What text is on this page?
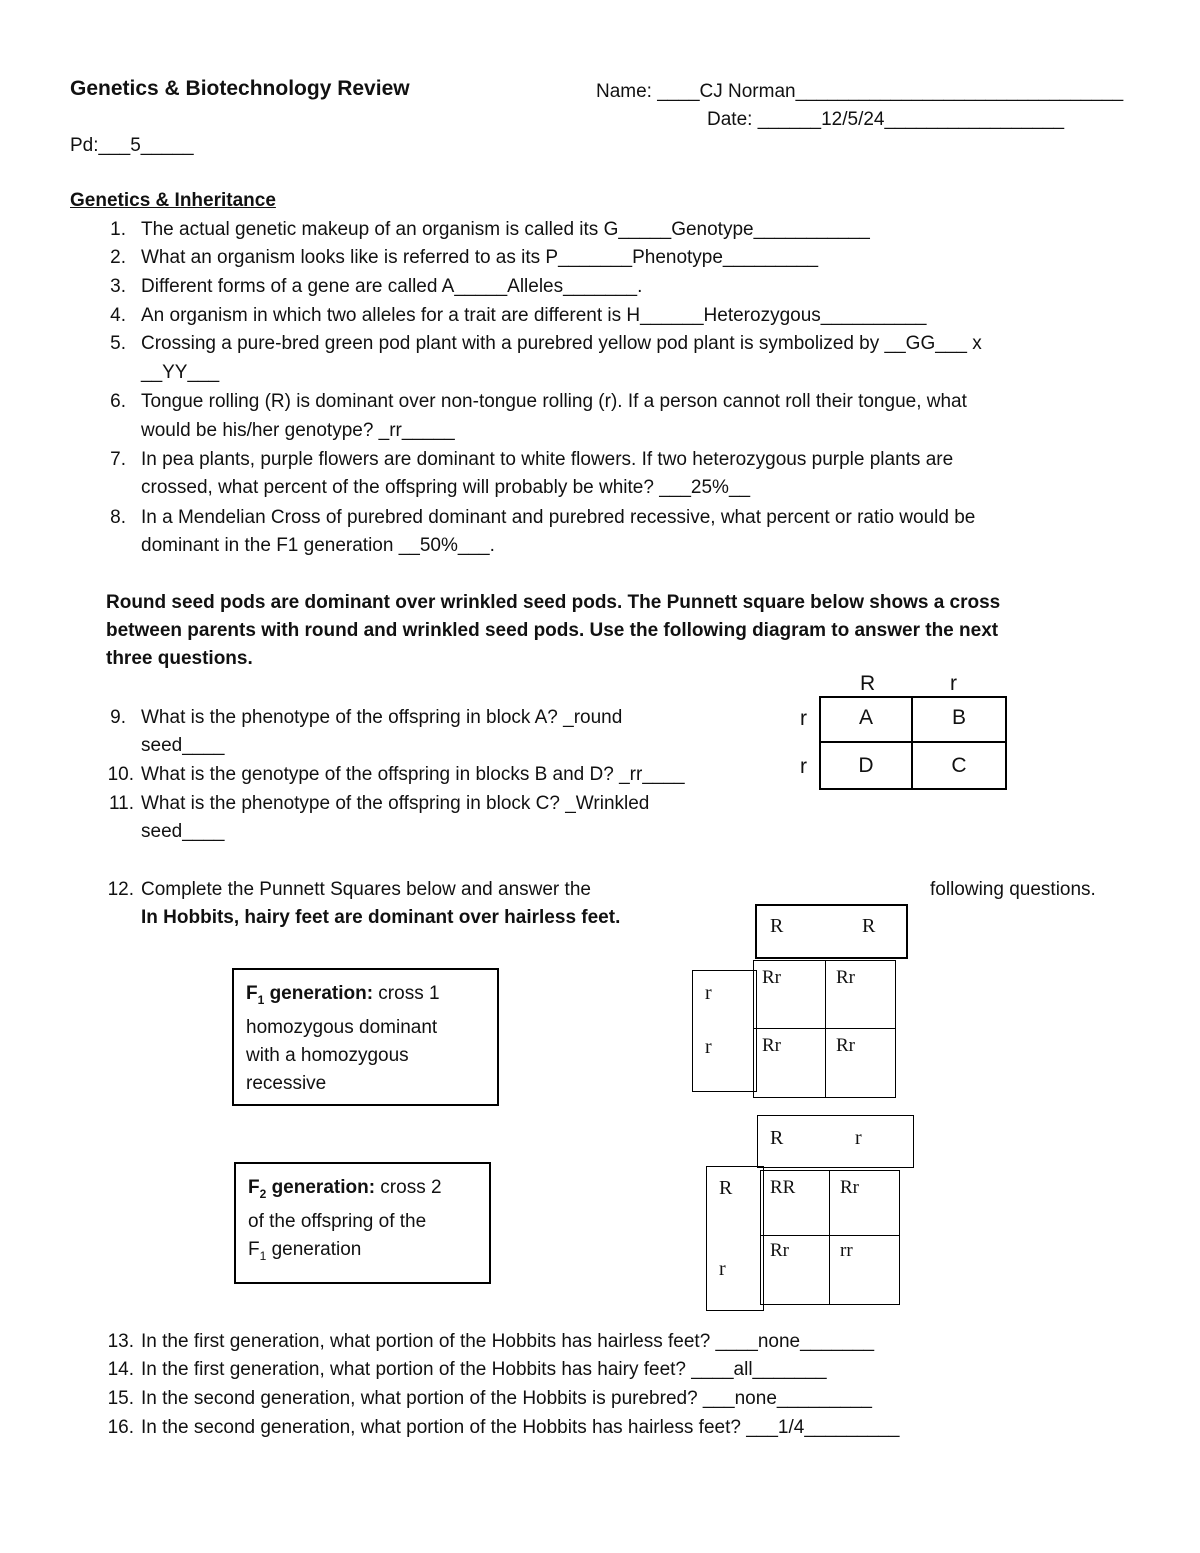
Genetics & Biotechnology Review	Name: ____CJ Norman_______________________________
Date: ______12/5/24_________________
Pd:___5_____
Genetics & Inheritance
1. The actual genetic makeup of an organism is called its G_____Genotype___________
2. What an organism looks like is referred to as its P_______Phenotype_________
3. Different forms of a gene are called A_____Alleles_______.
4. An organism in which two alleles for a trait are different is H______Heterozygous__________
5. Crossing a pure-bred green pod plant with a purebred yellow pod plant is symbolized by __GG___ x
__YY___
6. Tongue rolling (R) is dominant over non-tongue rolling (r). If a person cannot roll their tongue, what
would be his/her genotype? _rr_____
7. In pea plants, purple flowers are dominant to white flowers. If two heterozygous purple plants are
crossed, what percent of the offspring will probably be white? ___25%__
8. In a Mendelian Cross of purebred dominant and purebred recessive, what percent or ratio would be
dominant in the F1 generation __50%___.
Round seed pods are dominant over wrinkled seed pods. The Punnett square below shows a cross
between parents with round and wrinkled seed pods. Use the following diagram to answer the next
three questions.
9. What is the phenotype of the offspring in block A? _round
seed____
10. What is the genotype of the offspring in blocks B and D? _rr____
11. What is the phenotype of the offspring in block C? _Wrinkled
seed____
R	r
r
r
A	B
D	C
12. Complete the Punnett Squares below and answer the	following questions.
In Hobbits, hairy feet are dominant over hairless feet.
$F_1$ generation: cross 1
homozygous dominant
with a homozygous
recessive
$F_2$ generation: cross 2
of the offspring of the
$F_1$ generation
R	R
r
r
Rr	Rr
Rr	Rr
R	r
R
r
RR Rr
Rr	rr
13. In the first generation, what portion of the Hobbits has hairless feet? ____none_______
14. In the first generation, what portion of the Hobbits has hairy feet? ____all_______
15. In the second generation, what portion of the Hobbits is purebred? ___none_________
16. In the second generation, what portion of the Hobbits has hairless feet? ___1/4_________
